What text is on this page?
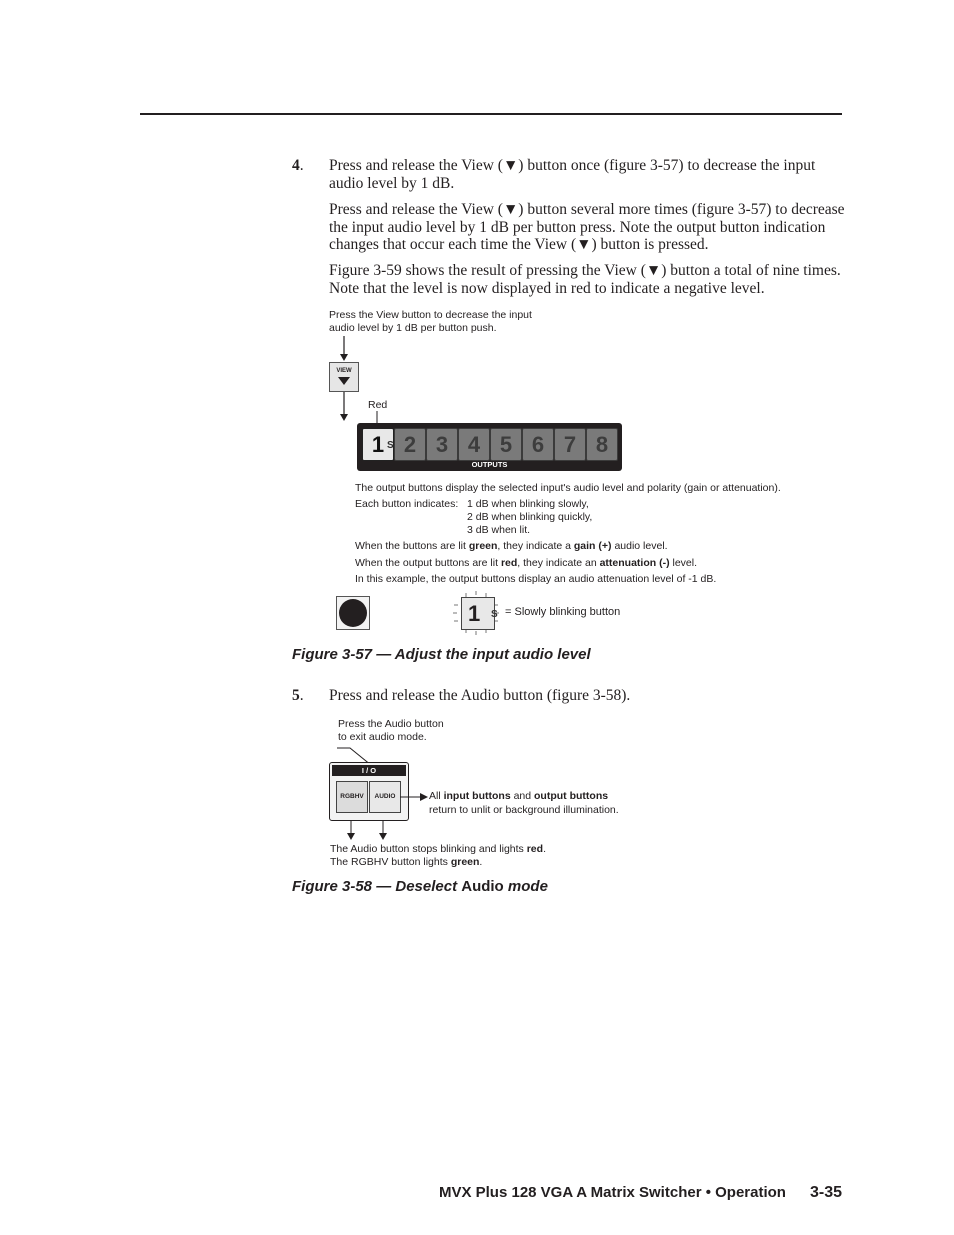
4. Press and release the View (▼) button once (figure 3-57) to decrease the input audio level by 1 dB.
Press and release the View (▼) button several more times (figure 3-57) to decrease the input audio level by 1 dB per button press. Note the output button indication changes that occur each time the View (▼) button is pressed.
Figure 3-59 shows the result of pressing the View (▼) button a total of nine times. Note that the level is now displayed in red to indicate a negative level.
Press the View button to decrease the input audio level by 1 dB per button push.
VIEW
Red
1 S 2 3 4 5 6 7 8
OUTPUTS
The output buttons display the selected input's audio level and polarity (gain or attenuation).
Each button indicates: 1 dB when blinking slowly,
2 dB when blinking quickly,
3 dB when lit.
When the buttons are lit green, they indicate a gain (+) audio level.
When the output buttons are lit red, they indicate an attenuation (-) level.
In this example, the output buttons display an audio attenuation level of -1 dB.
1	S = Slowly blinking button
Figure 3-57 — Adjust the input audio level
5. Press and release the Audio button (figure 3-58).
Press the Audio button
to exit audio mode.
I / O
RGBHV	AUDIO	All input buttons and output buttons
return to unlit or background illumination.
The Audio button stops blinking and lights red.
The RGBHV button lights green.
Figure 3-58 — Deselect Audio mode
MVX Plus 128 VGA A Matrix Switcher • Operation 3-35
